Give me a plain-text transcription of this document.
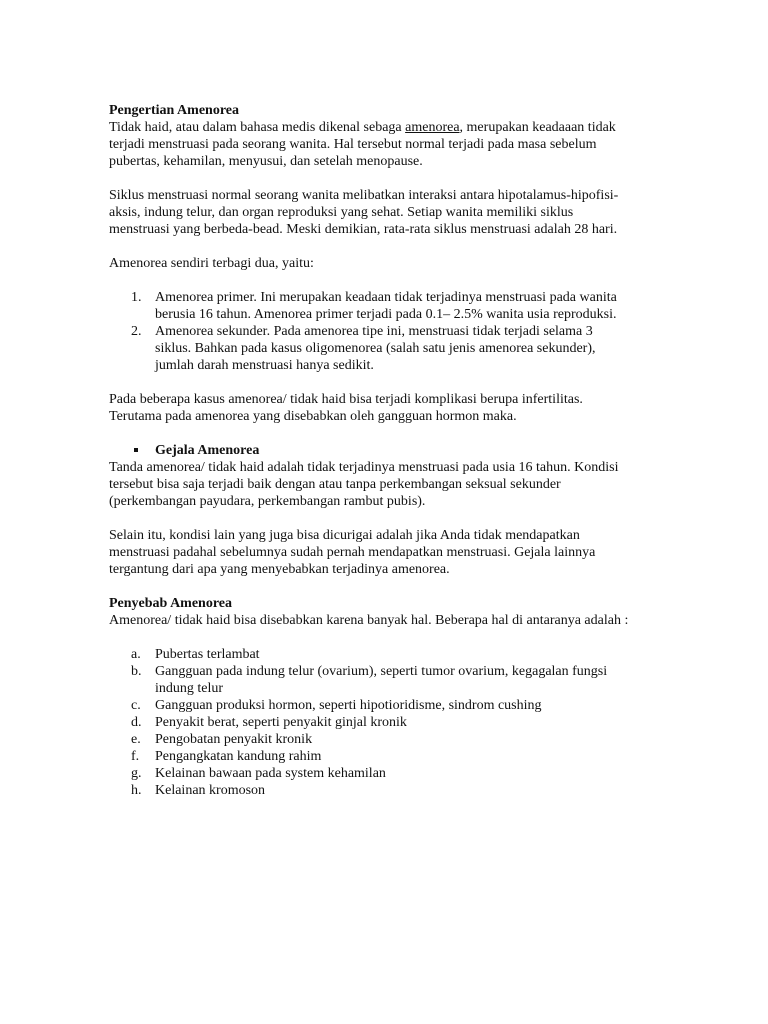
Pengertian Amenorea

Tidak haid, atau dalam bahasa medis dikenal sebaga amenorea, merupakan keadaaan tidak terjadi menstruasi pada seorang wanita. Hal tersebut normal terjadi pada masa sebelum pubertas, kehamilan, menyusui, dan setelah menopause.

Siklus menstruasi normal seorang wanita melibatkan interaksi antara hipotalamus-hipofisi-aksis, indung telur, dan organ reproduksi yang sehat. Setiap wanita memiliki siklus menstruasi yang berbeda-bead. Meski demikian, rata-rata siklus menstruasi adalah 28 hari.

Amenorea sendiri terbagi dua, yaitu:

1. Amenorea primer. Ini merupakan keadaan tidak terjadinya menstruasi pada wanita berusia 16 tahun. Amenorea primer terjadi pada 0.1– 2.5% wanita usia reproduksi.
2. Amenorea sekunder. Pada amenorea tipe ini, menstruasi tidak terjadi selama 3 siklus. Bahkan pada kasus oligomenorea (salah satu jenis amenorea sekunder), jumlah darah menstruasi hanya sedikit.

Pada beberapa kasus amenorea/ tidak haid bisa terjadi komplikasi berupa infertilitas. Terutama pada amenorea yang disebabkan oleh gangguan hormon maka.

Gejala Amenorea

Tanda amenorea/ tidak haid adalah tidak terjadinya menstruasi pada usia 16 tahun. Kondisi tersebut bisa saja terjadi baik dengan atau tanpa perkembangan seksual sekunder (perkembangan payudara, perkembangan rambut pubis).

Selain itu, kondisi lain yang juga bisa dicurigai adalah jika Anda tidak mendapatkan menstruasi padahal sebelumnya sudah pernah mendapatkan menstruasi. Gejala lainnya tergantung dari apa yang menyebabkan terjadinya amenorea.

Penyebab Amenorea

Amenorea/ tidak haid bisa disebabkan karena banyak hal. Beberapa hal di antaranya adalah :

a. Pubertas terlambat
b. Gangguan pada indung telur (ovarium), seperti tumor ovarium, kegagalan fungsi indung telur
c. Gangguan produksi hormon, seperti hipotioridisme, sindrom cushing
d. Penyakit berat, seperti penyakit ginjal kronik
e. Pengobatan penyakit kronik
f. Pengangkatan kandung rahim
g. Kelainan bawaan pada system kehamilan
h. Kelainan kromoson
